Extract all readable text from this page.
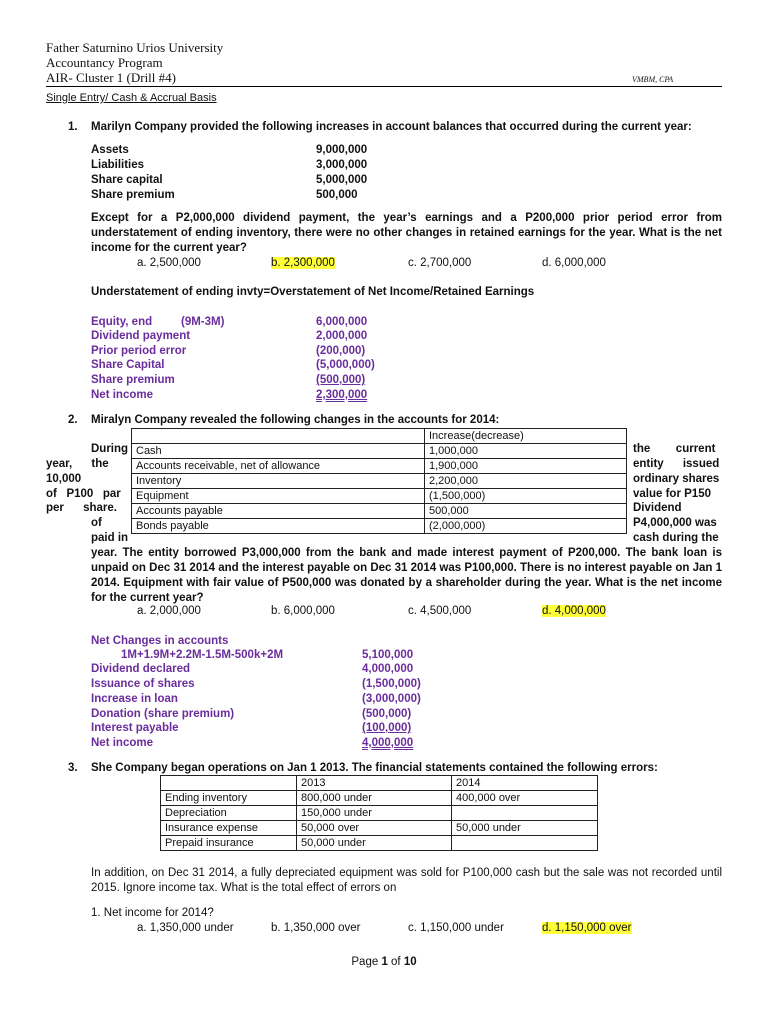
Father Saturnino Urios University
Accountancy Program
AIR- Cluster 1 (Drill #4)	VMBM, CPA
Single Entry/ Cash & Accrual Basis
1. Marilyn Company provided the following increases in account balances that occurred during the current year:
Assets	9,000,000
Liabilities	3,000,000
Share capital	5,000,000
Share premium	500,000
Except for a P2,000,000 dividend payment, the year’s earnings and a P200,000 prior period error from understatement of ending inventory, there were no other changes in retained earnings for the year. What is the net income for the current year?
a. 2,500,000	b. 2,300,000	c. 2,700,000	d. 6,000,000
Understatement of ending invty=Overstatement of Net Income/Retained Earnings
Equity, end	(9M-3M)	6,000,000
Dividend payment	2,000,000
Prior period error	(200,000)
Share Capital	(5,000,000)
Share premium	(500,000)
Net income	2,300,000
2. Miralyn Company revealed the following changes in the accounts for 2014:
	Increase(decrease)
Cash	1,000,000
Accounts receivable, net of allowance	1,900,000
Inventory	2,200,000
Equipment	(1,500,000)
Accounts payable	500,000
Bonds payable	(2,000,000)
During
year,      the
10,000
of   P100   par
per      share.
of
paid in
the        current
entity      issued
ordinary shares
value for P150
Dividend
P4,000,000 was
cash during the
year. The entity borrowed P3,000,000 from the bank and made interest payment of P200,000. The bank loan is unpaid on Dec 31 2014 and the interest payable on Dec 31 2014 was P100,000. There is no interest payable on Jan 1 2014. Equipment with fair value of P500,000 was donated by a shareholder during the year. What is the net income for the current year?
a. 2,000,000	b. 6,000,000	c. 4,500,000	d. 4,000,000
Net Changes in accounts
1M+1.9M+2.2M-1.5M-500k+2M	5,100,000
Dividend declared	4,000,000
Issuance of shares	(1,500,000)
Increase in loan	(3,000,000)
Donation (share premium)	(500,000)
Interest payable	(100,000)
Net income	4,000,000
3. She Company began operations on Jan 1 2013. The financial statements contained the following errors:
	2013	2014
Ending inventory	800,000 under	400,000 over
Depreciation	150,000 under	
Insurance expense	50,000 over	50,000 under
Prepaid insurance	50,000 under	
In addition, on Dec 31 2014, a fully depreciated equipment was sold for P100,000 cash but the sale was not recorded until 2015. Ignore income tax. What is the total effect of errors on
1. Net income for 2014?
a. 1,350,000 under	b. 1,350,000 over	c. 1,150,000 under	d. 1,150,000 over
Page 1 of 10
